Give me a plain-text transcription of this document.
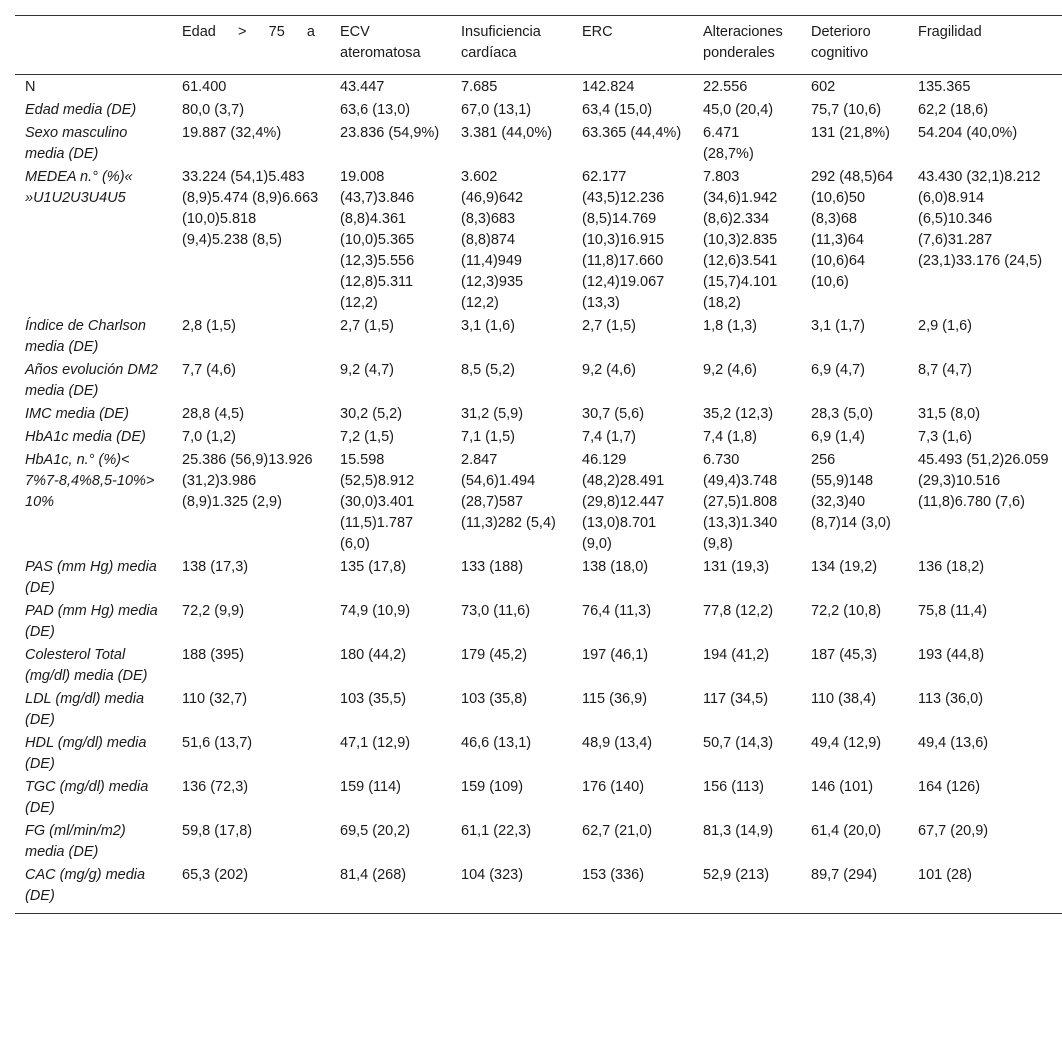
	Edad > 75 a	ECV ateromatosa	Insuficiencia cardíaca	ERC	Alteraciones ponderales	Deterioro cognitivo	Fragilidad
N	61.400	43.447	7.685	142.824	22.556	602	135.365
Edad media (DE)	80,0 (3,7)	63,6 (13,0)	67,0 (13,1)	63,4 (15,0)	45,0 (20,4)	75,7 (10,6)	62,2 (18,6)
Sexo masculino media (DE)	19.887 (32,4%)	23.836 (54,9%)	3.381 (44,0%)	63.365 (44,4%)	6.471 (28,7%)	131 (21,8%)	54.204 (40,0%)
MEDEA n.° (%)« »U1U2U3U4U5	33.224 (54,1)5.483 (8,9)5.474 (8,9)6.663 (10,0)5.818 (9,4)5.238 (8,5)	19.008 (43,7)3.846 (8,8)4.361 (10,0)5.365 (12,3)5.556 (12,8)5.311 (12,2)	3.602 (46,9)642 (8,3)683 (8,8)874 (11,4)949 (12,3)935 (12,2)	62.177 (43,5)12.236 (8,5)14.769 (10,3)16.915 (11,8)17.660 (12,4)19.067 (13,3)	7.803 (34,6)1.942 (8,6)2.334 (10,3)2.835 (12,6)3.541 (15,7)4.101 (18,2)	292 (48,5)64 (10,6)50 (8,3)68 (11,3)64 (10,6)64 (10,6)	43.430 (32,1)8.212 (6,0)8.914 (6,5)10.346 (7,6)31.287 (23,1)33.176 (24,5)
Índice de Charlson media (DE)	2,8 (1,5)	2,7 (1,5)	3,1 (1,6)	2,7 (1,5)	1,8 (1,3)	3,1 (1,7)	2,9 (1,6)
Años evolución DM2 media (DE)	7,7 (4,6)	9,2 (4,7)	8,5 (5,2)	9,2 (4,6)	9,2 (4,6)	6,9 (4,7)	8,7 (4,7)
IMC media (DE)	28,8 (4,5)	30,2 (5,2)	31,2 (5,9)	30,7 (5,6)	35,2 (12,3)	28,3 (5,0)	31,5 (8,0)
HbA1c media (DE)	7,0 (1,2)	7,2 (1,5)	7,1 (1,5)	7,4 (1,7)	7,4 (1,8)	6,9 (1,4)	7,3 (1,6)
HbA1c, n.° (%)< 7%7-8,4%8,5-10%> 10%	25.386 (56,9)13.926 (31,2)3.986 (8,9)1.325 (2,9)	15.598 (52,5)8.912 (30,0)3.401 (11,5)1.787 (6,0)	2.847 (54,6)1.494 (28,7)587 (11,3)282 (5,4)	46.129 (48,2)28.491 (29,8)12.447 (13,0)8.701 (9,0)	6.730 (49,4)3.748 (27,5)1.808 (13,3)1.340 (9,8)	256 (55,9)148 (32,3)40 (8,7)14 (3,0)	45.493 (51,2)26.059 (29,3)10.516 (11,8)6.780 (7,6)
PAS (mm Hg) media (DE)	138 (17,3)	135 (17,8)	133 (188)	138 (18,0)	131 (19,3)	134 (19,2)	136 (18,2)
PAD (mm Hg) media (DE)	72,2 (9,9)	74,9 (10,9)	73,0 (11,6)	76,4 (11,3)	77,8 (12,2)	72,2 (10,8)	75,8 (11,4)
Colesterol Total (mg/dl) media (DE)	188 (395)	180 (44,2)	179 (45,2)	197 (46,1)	194 (41,2)	187 (45,3)	193 (44,8)
LDL (mg/dl) media (DE)	110 (32,7)	103 (35,5)	103 (35,8)	115 (36,9)	117 (34,5)	110 (38,4)	113 (36,0)
HDL (mg/dl) media (DE)	51,6 (13,7)	47,1 (12,9)	46,6 (13,1)	48,9 (13,4)	50,7 (14,3)	49,4 (12,9)	49,4 (13,6)
TGC (mg/dl) media (DE)	136 (72,3)	159 (114)	159 (109)	176 (140)	156 (113)	146 (101)	164 (126)
FG (ml/min/m2) media (DE)	59,8 (17,8)	69,5 (20,2)	61,1 (22,3)	62,7 (21,0)	81,3 (14,9)	61,4 (20,0)	67,7 (20,9)
CAC (mg/g) media (DE)	65,3 (202)	81,4 (268)	104 (323)	153 (336)	52,9 (213)	89,7 (294)	101 (28)
